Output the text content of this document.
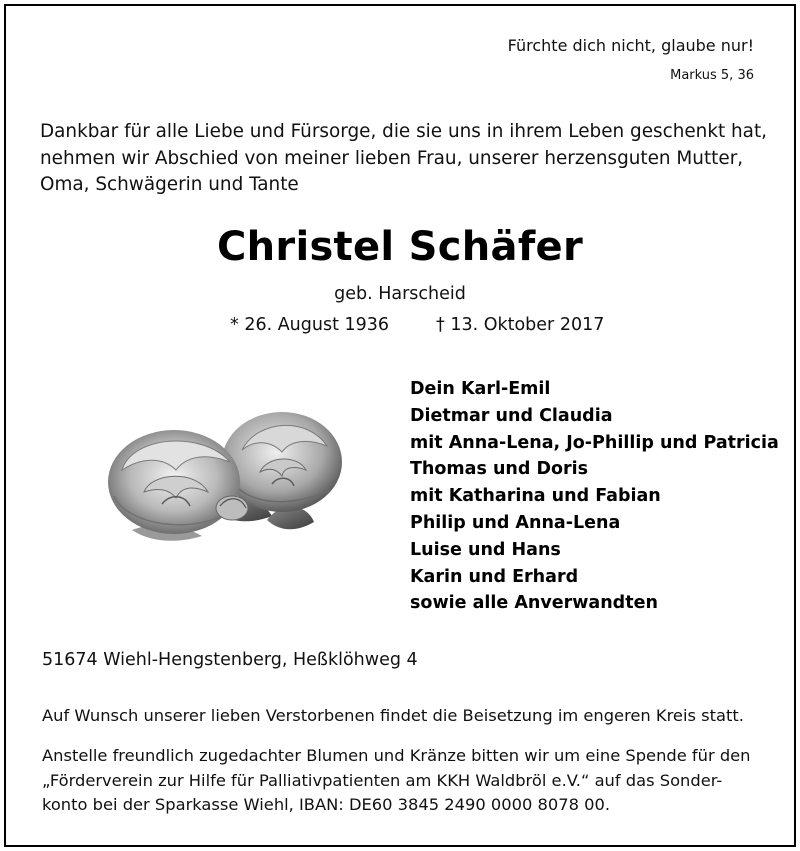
Fürchte dich nicht, glaube nur!

Markus 5, 36

Dankbar für alle Liebe und Fürsorge, die sie uns in ihrem Leben geschenkt hat,
nehmen wir Abschied von meiner lieben Frau, unserer herzensguten Mutter,
Oma, Schwägerin und Tante
Christel Schäfer

geb. Harscheid

* 26. August 1936	† 13. Oktober 2017

Dein Karl-Emil
Dietmar und Claudia
mit Anna-Lena, Jo-Phillip und Patricia
Thomas und Doris
mit Katharina und Fabian
Philip und Anna-Lena
Luise und Hans
Karin und Erhard
sowie alle Anverwandten

51674 Wiehl-Hengstenberg, Heßklöhweg 4

Auf Wunsch unserer lieben Verstorbenen findet die Beisetzung im engeren Kreis statt.

Anstelle freundlich zugedachter Blumen und Kränze bitten wir um eine Spende für den
„Förderverein zur Hilfe für Palliativpatienten am KKH Waldbröl e.V.“ auf das Sonder-
konto bei der Sparkasse Wiehl, IBAN: DE60 3845 2490 0000 8078 00.
